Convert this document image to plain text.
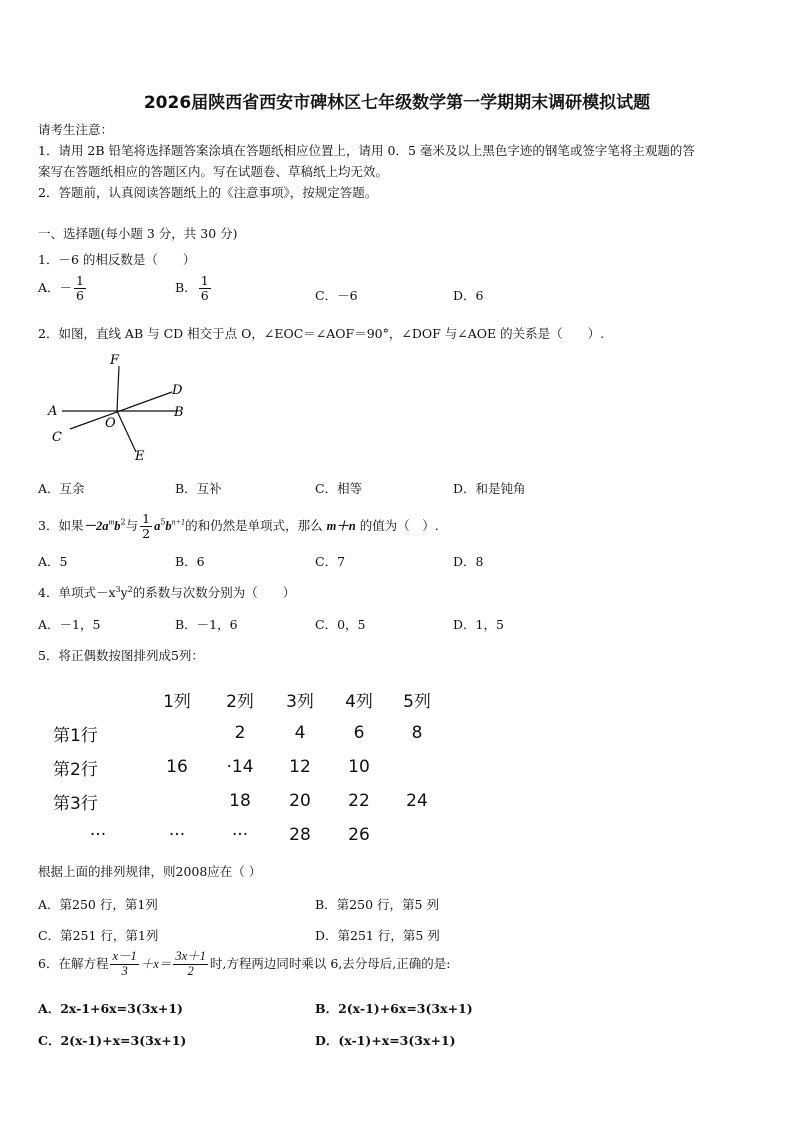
2026届陕西省西安市碑林区七年级数学第一学期期末调研模拟试题
请考生注意：
1．请用 2B 铅笔将选择题答案涂填在答题纸相应位置上，请用 0．5 毫米及以上黑色字迹的钢笔或签字笔将主观题的答
案写在答题纸相应的答题区内。写在试题卷、草稿纸上均无效。
2．答题前，认真阅读答题纸上的《注意事项》，按规定答题。
一、选择题(每小题 3 分，共 30 分)
1．－6 的相反数是（　　）
A．－ $\frac{1}{6}$	B． $\frac{1}{6}$	C．－6	D．6
2．如图，直线 AB 与 CD 相交于点 O，∠EOC＝∠AOF＝90°，∠DOF 与∠AOE 的关系是（　　）.
F
D
A	B
O
C
E
A．互余	B．互补	C．相等	D．和是钝角
3．如果$-2a^mb^2$与 $\frac{1}{2} a^5b^{n+1}$的和仍然是单项式，那么 m＋n 的值为（　）.
A．5	B．6	C．7	D．8
4．单项式$-x^3y^2$的系数与次数分别为（　　）
A．－1，5	B．－1，6	C．0，5	D．1，5
5．将正偶数按图排列成5列：
	1列	2列	3列	4列	5列
第1行		2	4	6	8
第2行	16	·14	12	10	
第3行		18	20	22	24
···	···	···	28	26	
根据上面的排列规律，则2008应在（ ）
A．第250 行，第1列	B．第250 行，第5 列
C．第251 行，第1列	D．第251 行，第5 列
6．在解方程 $\frac{x-1}{3} +x= \frac{3x+1}{2}$ 时,方程两边同时乘以 6,去分母后,正确的是:
A．2x-1+6x=3(3x+1)	B．2(x-1)+6x=3(3x+1)
C．2(x-1)+x=3(3x+1)	D．(x-1)+x=3(3x+1)
